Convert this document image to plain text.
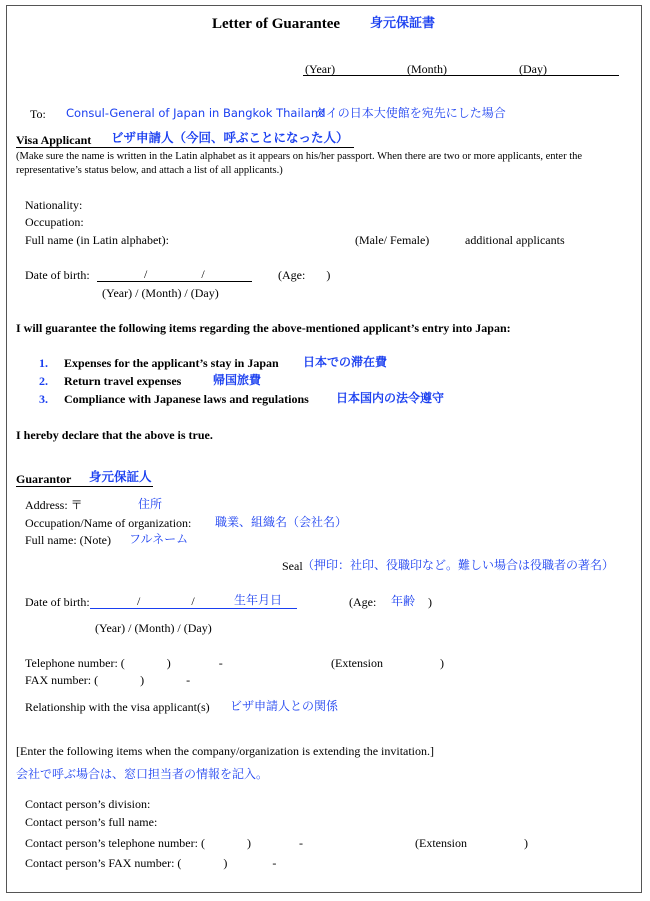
Letter of Guarantee 身元保証書
(Year)	(Month)	(Day)
To: Consul-General of Japan in Bangkok Thailand
タイの日本大使館を宛先にした場合
Visa Applicant ビザ申請人（今回、呼ぶことになった人）
(Make sure the name is written in the Latin alphabet as it appears on his/her passport. When there are two or more applicants, enter the
representative’s status below, and attach a list of all applicants.)
Nationality:
Occupation:
Full name (in Latin alphabet):	(Male/ Female)	additional applicants
Date of birth:	/                  /	(Age:       )
(Year) / (Month) / (Day)
I will guarantee the following items regarding the above-mentioned applicant’s entry into Japan:
1. Expenses for the applicant’s stay in Japan 日本での滞在費
2. Return travel expenses	帰国旅費
3. Compliance with Japanese laws and regulations 日本国内の法令遵守
I hereby declare that the above is true.
Guarantor 身元保証人
Address: 〒	住所
Occupation/Name of organization: 職業、組織名（会社名）
Full name: (Note) フルネーム
Seal （押印：社印、役職印など。難しい場合は役職者の著名）
Date of birth:	/                 /	生年月日	(Age: 年齢 )
(Year) / (Month) / (Day)
Telephone number: (              )                -	(Extension                   )
FAX number: (              )              -
Relationship with the visa applicant(s) ビザ申請人との関係
[Enter the following items when the company/organization is extending the invitation.]
会社で呼ぶ場合は、窓口担当者の情報を記入。
Contact person’s division:
Contact person’s full name:
Contact person’s telephone number: (              )                -	(Extension                   )
Contact person’s FAX number: (              )               -
